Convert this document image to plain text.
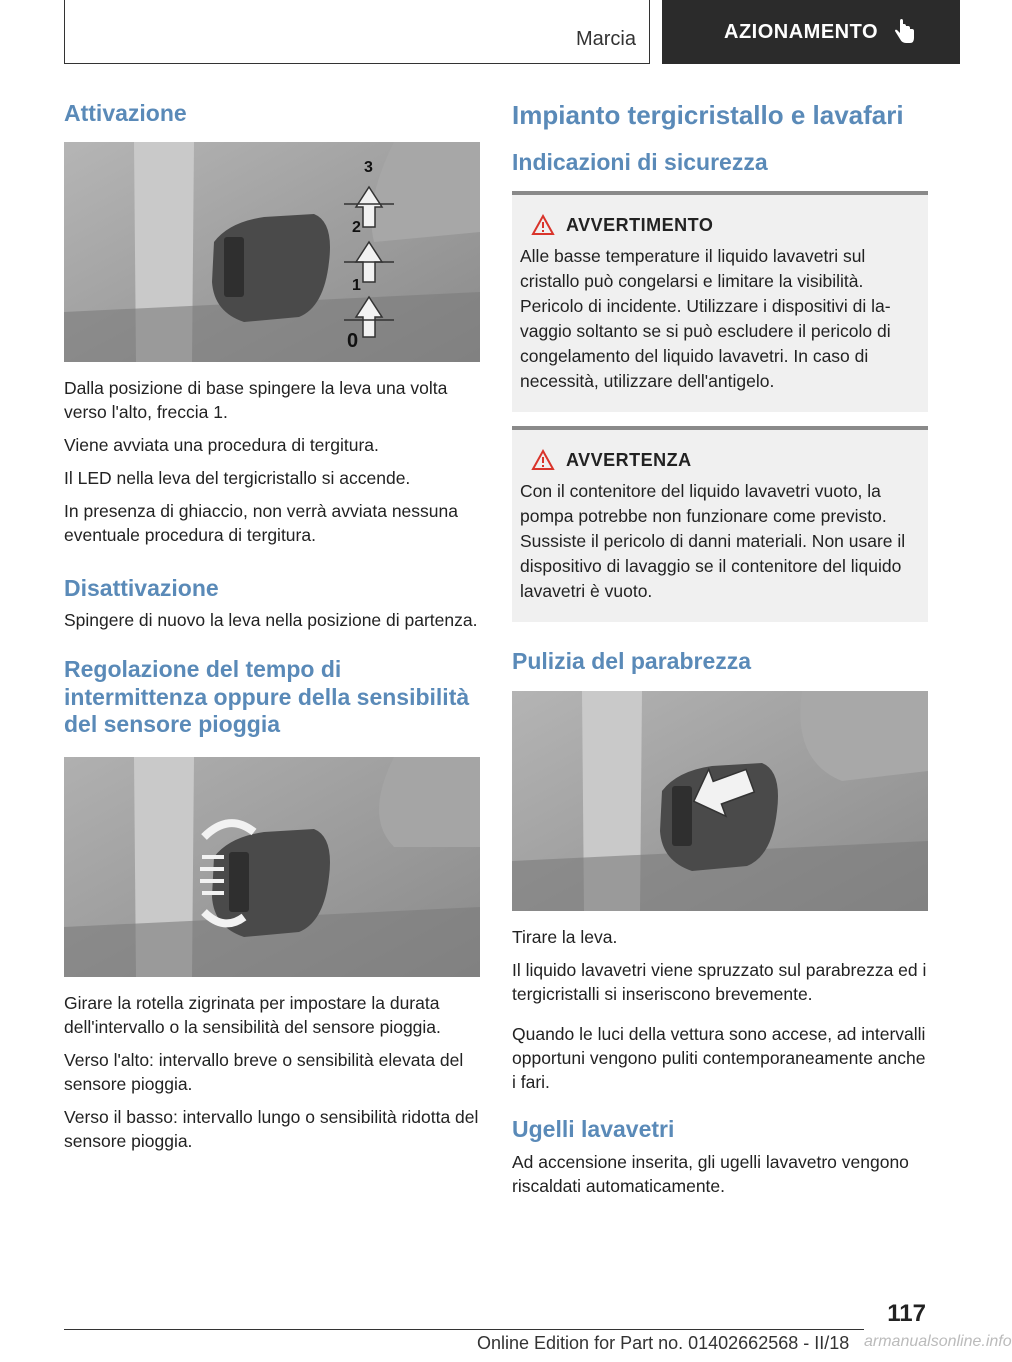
Marcia	AZIONAMENTO
Attivazione
3
2
1
0

Dalla posizione di base spingere la leva una volta verso l'alto, freccia 1.

Viene avviata una procedura di tergitura.

Il LED nella leva del tergicristallo si accende.

In presenza di ghiaccio, non verrà avviata nessuna eventuale procedura di tergitura.

Disattivazione

Spingere di nuovo la leva nella posizione di partenza.

Regolazione del tempo di intermittenza oppure della sensibilità del sensore pioggia

Girare la rotella zigrinata per impostare la durata dell'intervallo o la sensibilità del sensore pioggia.

Verso l'alto: intervallo breve o sensibilità elevata del sensore pioggia.

Verso il basso: intervallo lungo o sensibilità ridotta del sensore pioggia.

Impianto tergicristallo e lavafari
Indicazioni di sicurezza
AVVERTIMENTO

Alle basse temperature il liquido lavavetri sul cristallo può congelarsi e limitare la visibilità. Pericolo di incidente. Utilizzare i dispositivi di lavaggio soltanto se si può escludere il pericolo di congelamento del liquido lavavetri. In caso di necessità, utilizzare dell'antigelo.

AVVERTENZA

Con il contenitore del liquido lavavetri vuoto, la pompa potrebbe non funzionare come previsto. Sussiste il pericolo di danni materiali. Non usare il dispositivo di lavaggio se il contenitore del liquido lavavetri è vuoto.

Pulizia del parabrezza

Tirare la leva.

Il liquido lavavetri viene spruzzato sul parabrezza ed i tergicristalli si inseriscono brevemente.

Quando le luci della vettura sono accese, ad intervalli opportuni vengono puliti contemporaneamente anche i fari.

Ugelli lavavetri

Ad accensione inserita, gli ugelli lavavetro vengono riscaldati automaticamente.

117
Online Edition for Part no. 01402662568 - II/18 armanualsonline.info
